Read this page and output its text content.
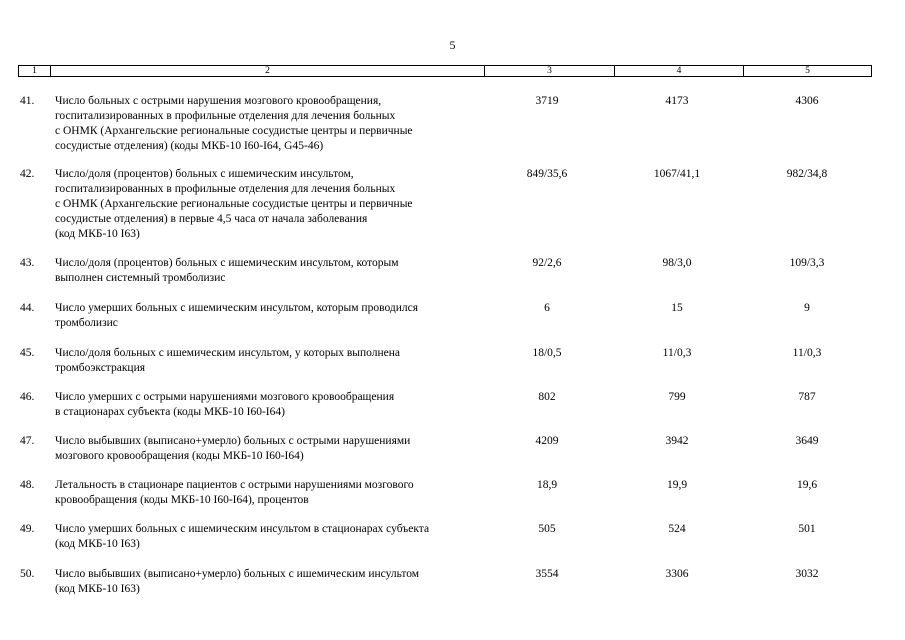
5
1	2	3	4	5
41. Число больных с острыми нарушения мозгового кровообращения,
госпитализированных в профильные отделения для лечения больных
с ОНМК (Архангельские региональные сосудистые центры и первичные
сосудистые отделения) (коды МКБ-10 I60-I64, G45-46)
3719	4173	4306
42. Число/доля (процентов) больных с ишемическим инсультом,
госпитализированных в профильные отделения для лечения больных
с ОНМК (Архангельские региональные сосудистые центры и первичные
сосудистые отделения) в первые 4,5 часа от начала заболевания
(код МКБ-10 I63)
849/35,6	1067/41,1	982/34,8
43. Число/доля (процентов) больных с ишемическим инсультом, которым
выполнен системный тромболизис
92/2,6	98/3,0	109/3,3
44. Число умерших больных с ишемическим инсультом, которым проводился
тромболизис
6	15	9
45. Число/доля больных с ишемическим инсультом, у которых выполнена
тромбоэкстракция
18/0,5	11/0,3	11/0,3
46. Число умерших с острыми нарушениями мозгового кровообращения
в стационарах субъекта (коды МКБ-10 I60-I64)
802	799	787
47. Число выбывших (выписано+умерло) больных с острыми нарушениями
мозгового кровообращения (коды МКБ-10 I60-I64)
4209	3942	3649
48. Летальность в стационаре пациентов с острыми нарушениями мозгового
кровообращения (коды МКБ-10 I60-I64), процентов
18,9	19,9	19,6
49. Число умерших больных с ишемическим инсультом в стационарах субъекта
(код МКБ-10 I63)
505	524	501
50. Число выбывших (выписано+умерло) больных с ишемическим инсультом
(код МКБ-10 I63)
3554	3306	3032
